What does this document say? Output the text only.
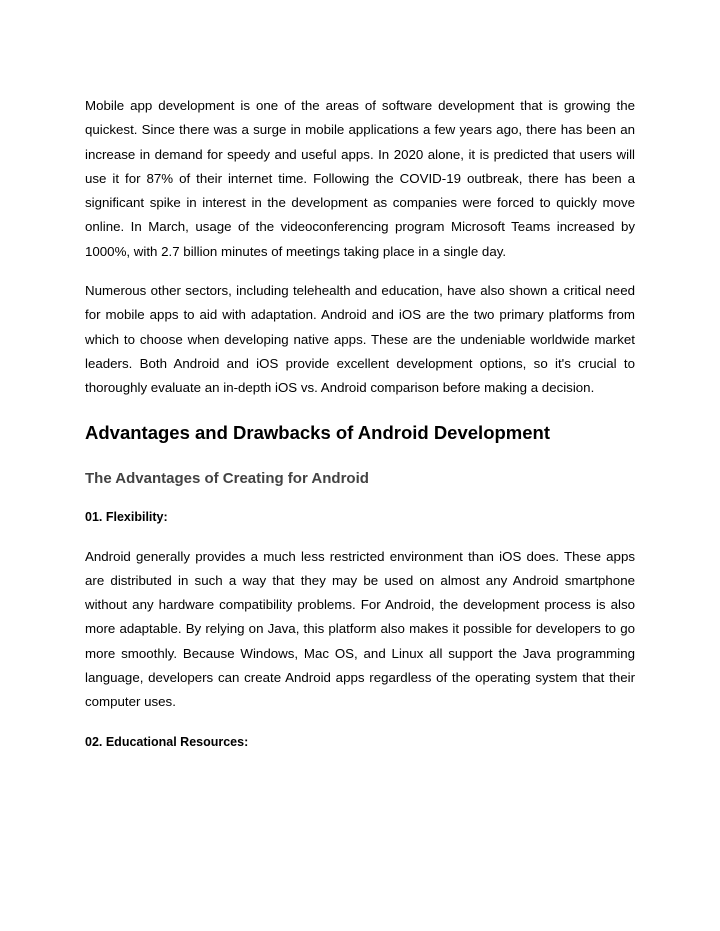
Mobile app development is one of the areas of software development that is growing the quickest. Since there was a surge in mobile applications a few years ago, there has been an increase in demand for speedy and useful apps. In 2020 alone, it is predicted that users will use it for 87% of their internet time. Following the COVID-19 outbreak, there has been a significant spike in interest in the development as companies were forced to quickly move online. In March, usage of the videoconferencing program Microsoft Teams increased by 1000%, with 2.7 billion minutes of meetings taking place in a single day.

Numerous other sectors, including telehealth and education, have also shown a critical need for mobile apps to aid with adaptation. Android and iOS are the two primary platforms from which to choose when developing native apps. These are the undeniable worldwide market leaders. Both Android and iOS provide excellent development options, so it's crucial to thoroughly evaluate an in-depth iOS vs. Android comparison before making a decision.

Advantages and Drawbacks of Android Development
The Advantages of Creating for Android
01. Flexibility:

Android generally provides a much less restricted environment than iOS does. These apps are distributed in such a way that they may be used on almost any Android smartphone without any hardware compatibility problems. For Android, the development process is also more adaptable. By relying on Java, this platform also makes it possible for developers to go more smoothly. Because Windows, Mac OS, and Linux all support the Java programming language, developers can create Android apps regardless of the operating system that their computer uses.

02. Educational Resources:
